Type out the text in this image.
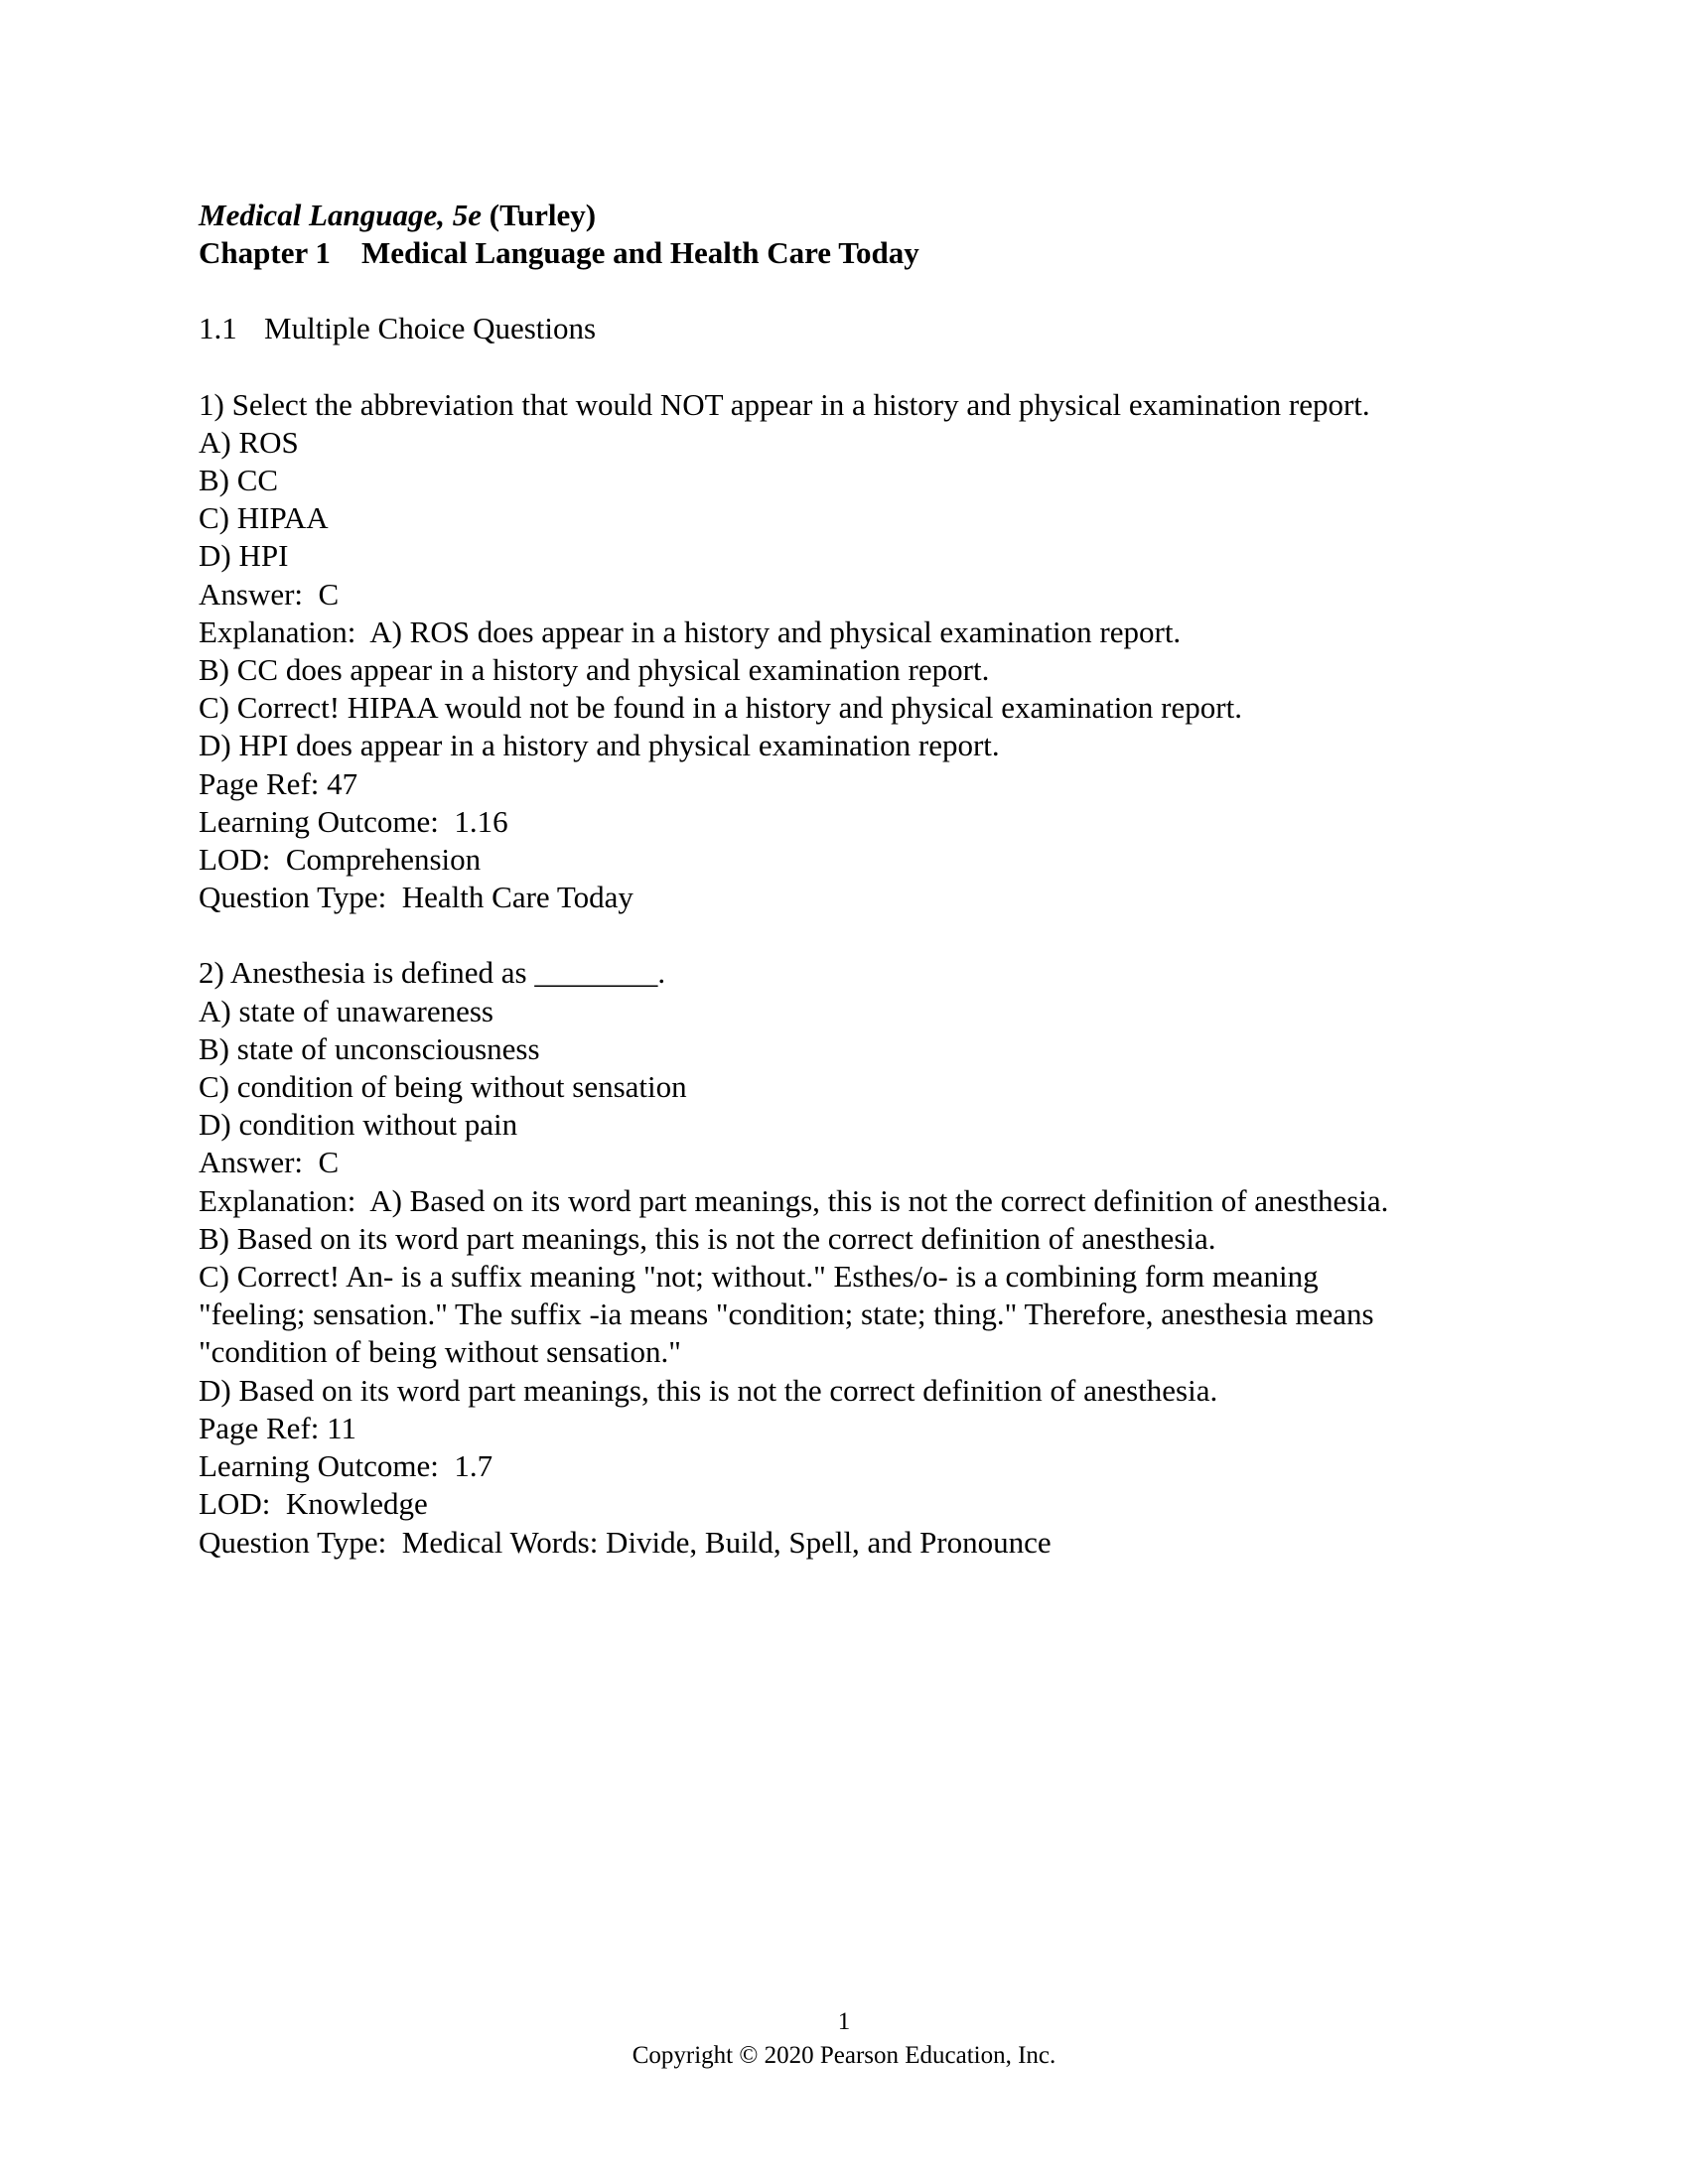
Medical Language, 5e (Turley)
Chapter 1 Medical Language and Health Care Today
1.1 Multiple Choice Questions
1) Select the abbreviation that would NOT appear in a history and physical examination report.
A) ROS
B) CC
C) HIPAA
D) HPI
Answer:  C
Explanation:  A) ROS does appear in a history and physical examination report.
B) CC does appear in a history and physical examination report.
C) Correct! HIPAA would not be found in a history and physical examination report.
D) HPI does appear in a history and physical examination report.
Page Ref: 47
Learning Outcome:  1.16
LOD:  Comprehension
Question Type:  Health Care Today
2) Anesthesia is defined as ________.
A) state of unawareness
B) state of unconsciousness
C) condition of being without sensation
D) condition without pain
Answer:  C
Explanation:  A) Based on its word part meanings, this is not the correct definition of anesthesia.
B) Based on its word part meanings, this is not the correct definition of anesthesia.
C) Correct! An- is a suffix meaning "not; without." Esthes/o- is a combining form meaning
"feeling; sensation." The suffix -ia means "condition; state; thing." Therefore, anesthesia means
"condition of being without sensation."
D) Based on its word part meanings, this is not the correct definition of anesthesia.
Page Ref: 11
Learning Outcome:  1.7
LOD:  Knowledge
Question Type:  Medical Words: Divide, Build, Spell, and Pronounce
1
Copyright © 2020 Pearson Education, Inc.
